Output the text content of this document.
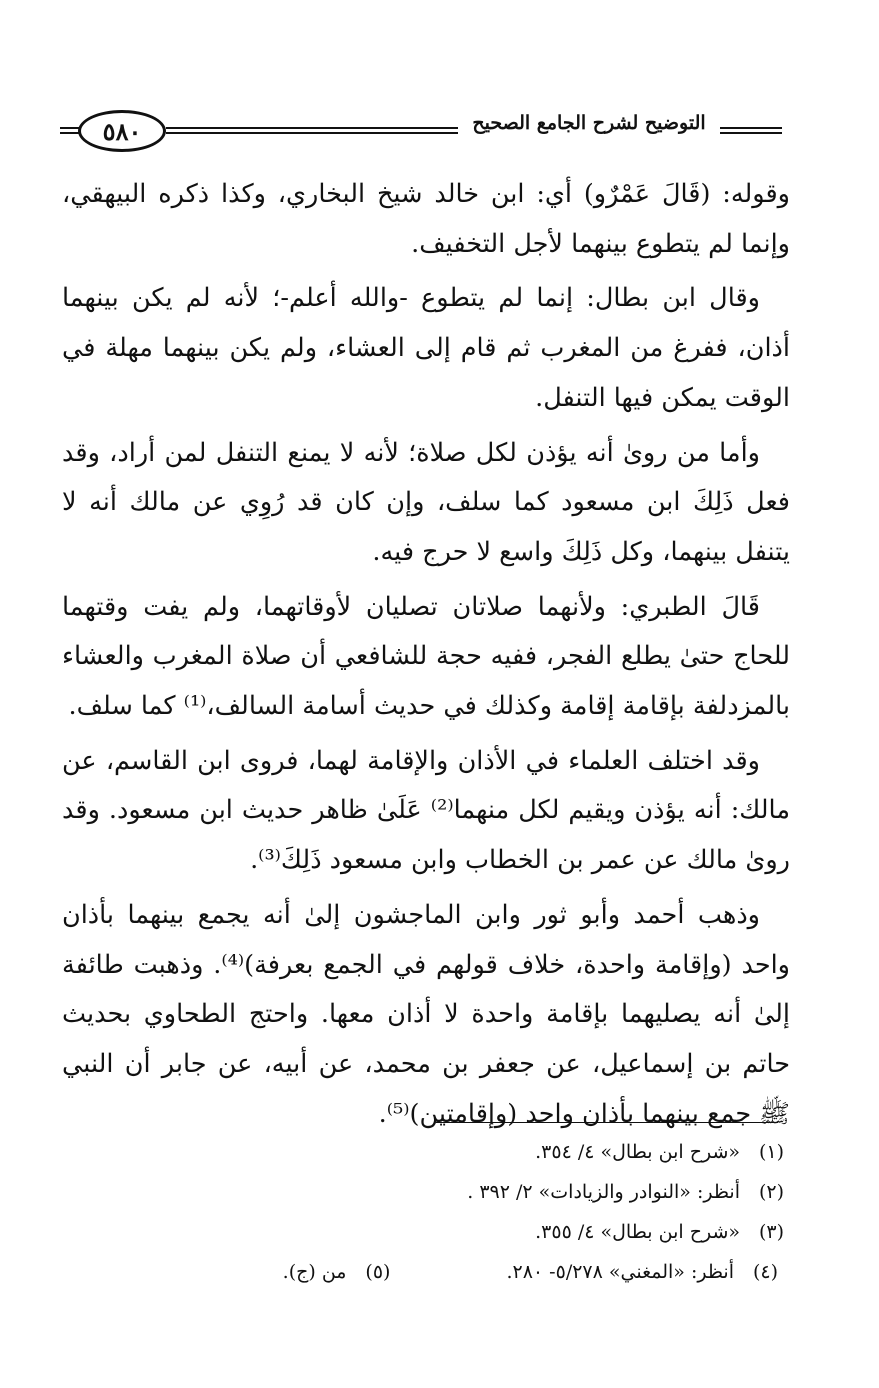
٥٨٠	التوضيح لشرح الجامع الصحيح

وقوله: (قَالَ عَمْرٌو) أي: ابن خالد شيخ البخاري، وكذا ذكره البيهقي، وإنما لم يتطوع بينهما لأجل التخفيف.

وقال ابن بطال: إنما لم يتطوع -والله أعلم-؛ لأنه لم يكن بينهما أذان، ففرغ من المغرب ثم قام إلى العشاء، ولم يكن بينهما مهلة في الوقت يمكن فيها التنفل.

وأما من روىٰ أنه يؤذن لكل صلاة؛ لأنه لا يمنع التنفل لمن أراد، وقد فعل ذَلِكَ ابن مسعود كما سلف، وإن كان قد رُوِي عن مالك أنه لا يتنفل بينهما، وكل ذَلِكَ واسع لا حرج فيه.

قَالَ الطبري: ولأنهما صلاتان تصليان لأوقاتهما، ولم يفت وقتهما للحاج حتىٰ يطلع الفجر، ففيه حجة للشافعي أن صلاة المغرب والعشاء بالمزدلفة بإقامة إقامة وكذلك في حديث أسامة السالف،⁽¹⁾ كما سلف.

وقد اختلف العلماء في الأذان والإقامة لهما، فروى ابن القاسم، عن مالك: أنه يؤذن ويقيم لكل منهما⁽²⁾ عَلَىٰ ظاهر حديث ابن مسعود. وقد روىٰ مالك عن عمر بن الخطاب وابن مسعود ذَلِكَ⁽³⁾.

وذهب أحمد وأبو ثور وابن الماجشون إلىٰ أنه يجمع بينهما بأذان واحد (وإقامة واحدة، خلاف قولهم في الجمع بعرفة)⁽⁴⁾. وذهبت طائفة إلىٰ أنه يصليهما بإقامة واحدة لا أذان معها. واحتج الطحاوي بحديث حاتم بن إسماعيل، عن جعفر بن محمد، عن أبيه، عن جابر أن النبي ﷺ جمع بينهما بأذان واحد (وإقامتين)⁽⁵⁾.

(١)
«شرح ابن بطال» ٤/ ٣٥٤.
(٢)
أنظر: «النوادر والزيادات» ٢/ ٣٩٢ .
(٣)
«شرح ابن بطال» ٤/ ٣٥٥.
(٤)
أنظر: «المغني» ٥/٢٧٨- ٢٨٠.
(٥)
من (ج).
